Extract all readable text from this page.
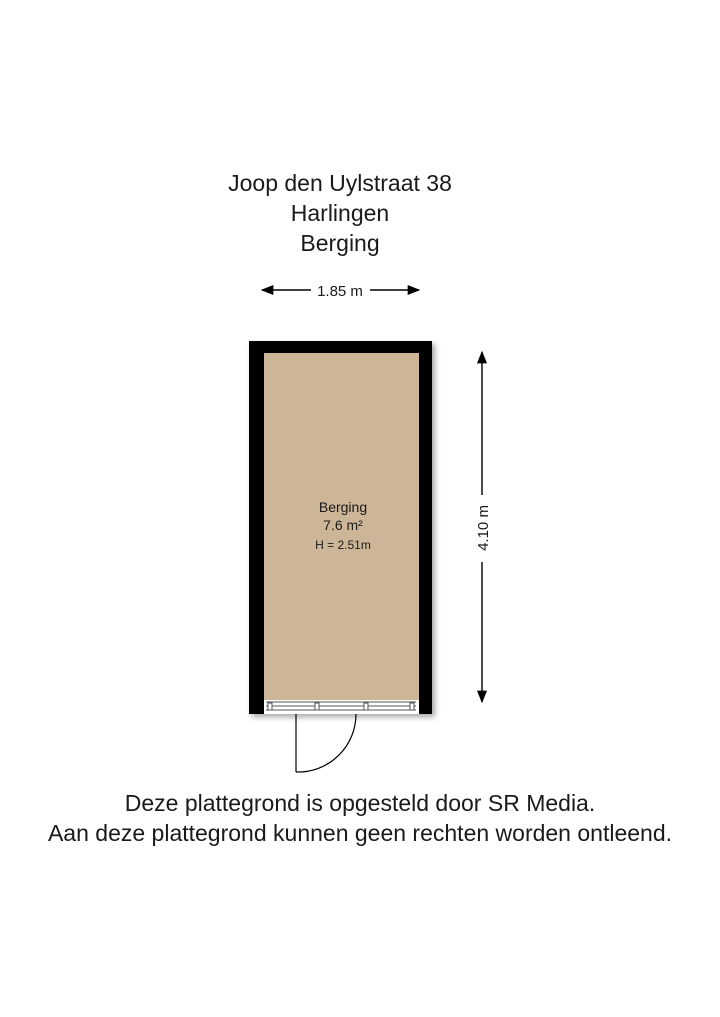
Joop den Uylstraat 38

Harlingen

Berging

1.85 m
4.10 m
Berging
7.6 m²
H = 2.51m

Deze plattegrond is opgesteld door SR Media.

Aan deze plattegrond kunnen geen rechten worden ontleend.
